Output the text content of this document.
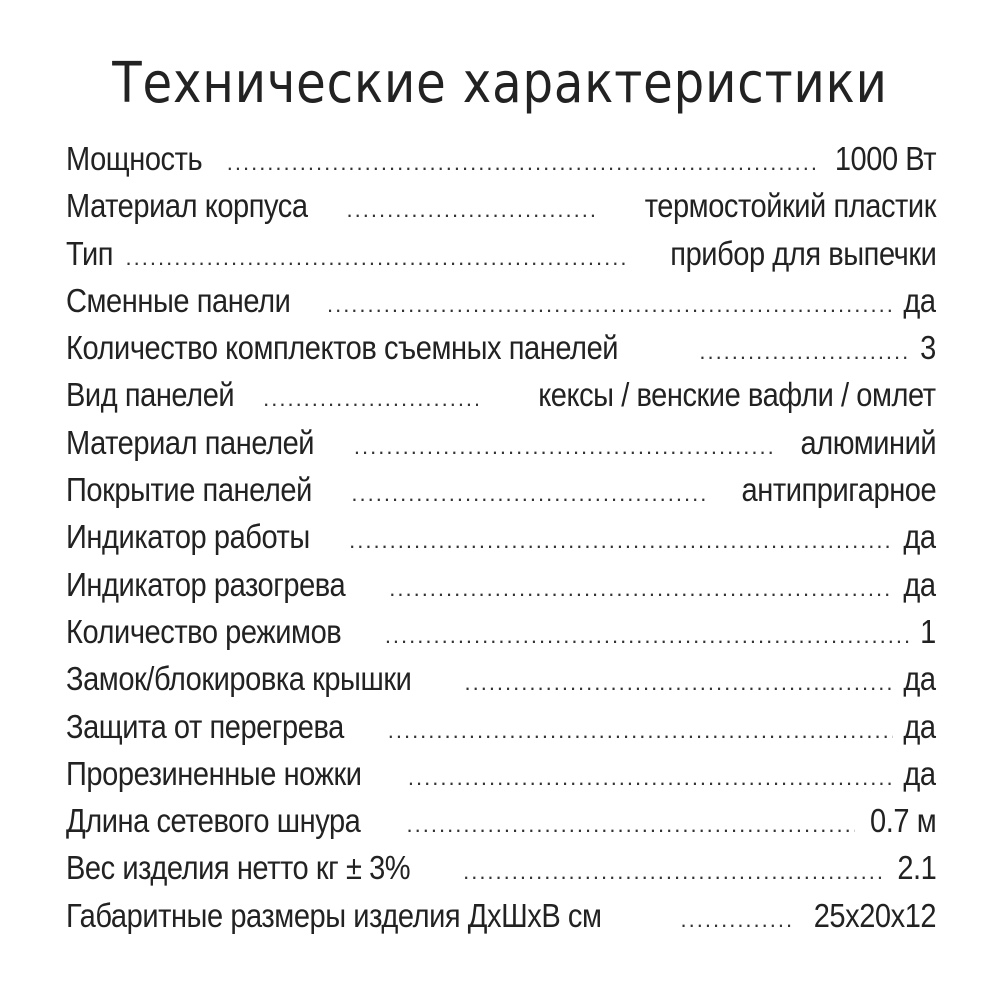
Технические характеристики
Мощность .....	1000 Вт
Материал корпуса .....	термостойкий пластик
Тип .....	прибор для выпечки
Сменные панели .....	да
Количество комплектов съемных панелей .....	3
Вид панелей .....	кексы / венские вафли / омлет
Материал панелей .....	алюминий
Покрытие панелей .....	антипригарное
Индикатор работы .....	да
Индикатор разогрева .....	да
Количество режимов .....	1
Замок/блокировка крышки .....	да
Защита от перегрева .....	да
Прорезиненные ножки .....	да
Длина сетевого шнура .....	0.7 м
Вес изделия нетто кг ± 3% .....	2.1
Габаритные размеры изделия ДхШхВ см .....	25х20х12
